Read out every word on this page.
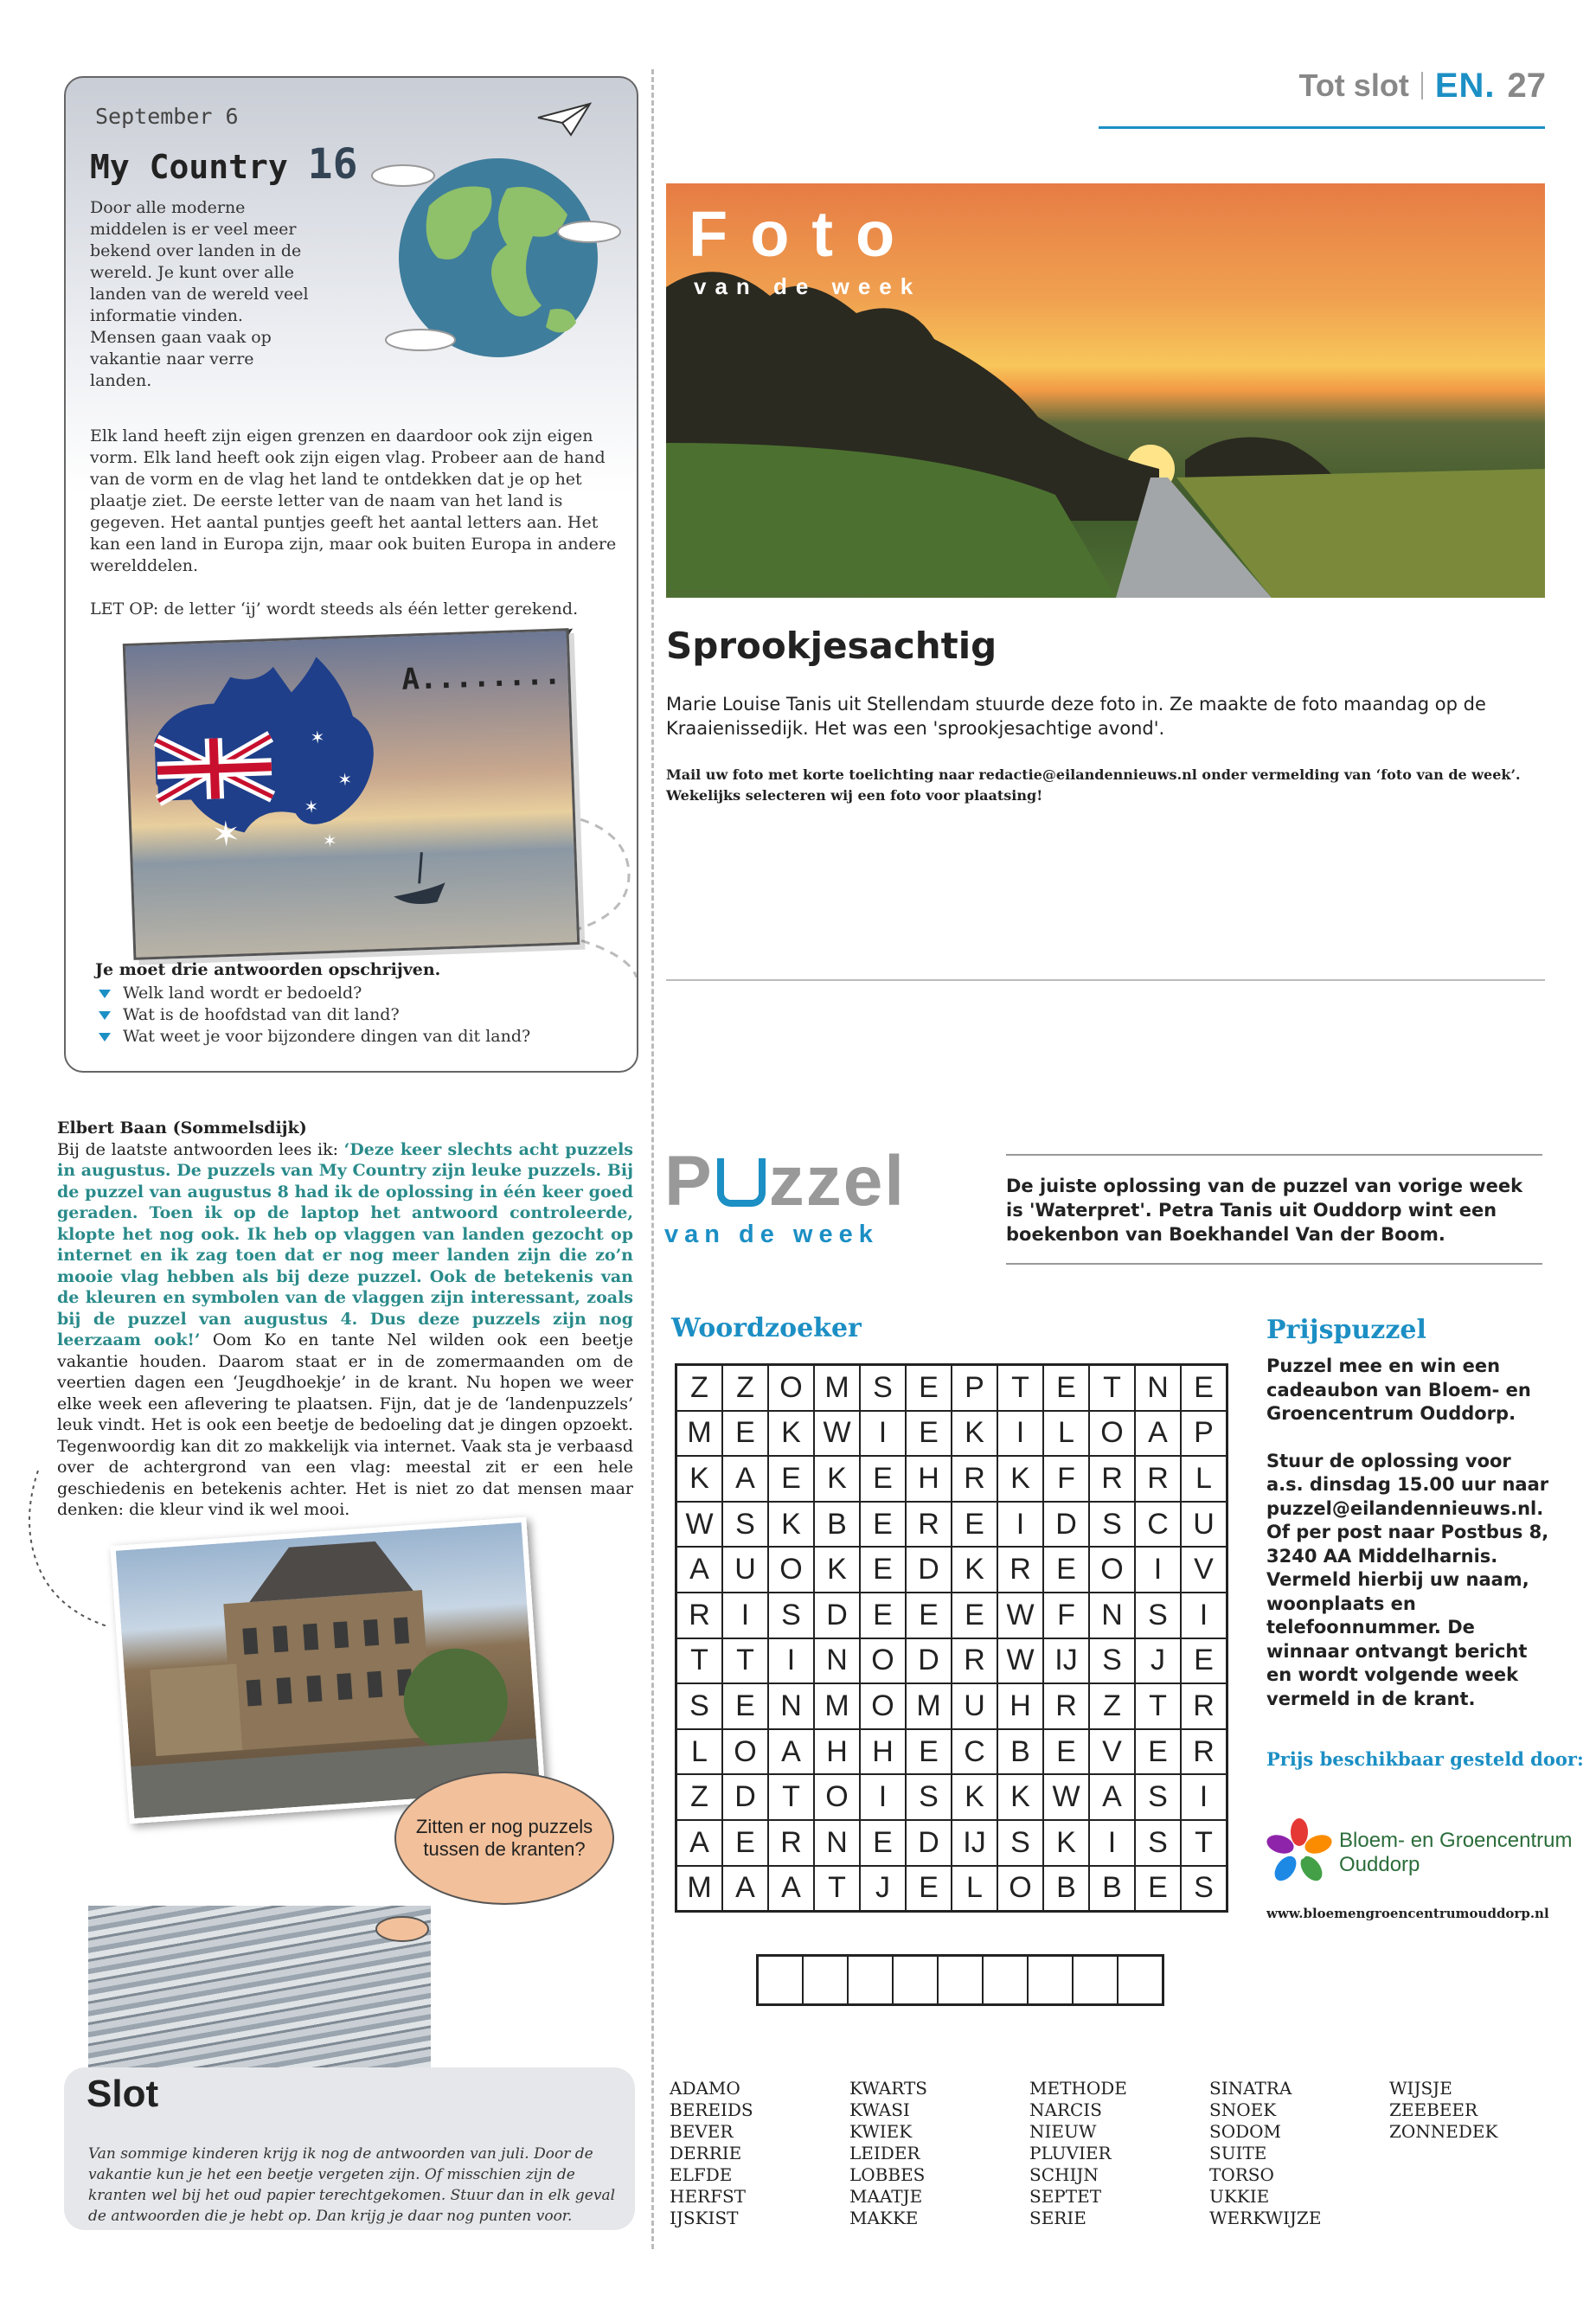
Tot slot EN. 27
September 6
My Country 16
Door alle moderne middelen is er veel meer bekend over landen in de wereld. Je kunt over alle landen van de wereld veel informatie vinden. Mensen gaan vaak op vakantie naar verre landen.

Elk land heeft zijn eigen grenzen en daardoor ook zijn eigen vorm. Elk land heeft ook zijn eigen vlag. Probeer aan de hand van de vorm en de vlag het land te ontdekken dat je op het plaatje ziet. De eerste letter van de naam van het land is gegeven. Het aantal puntjes geeft het aantal letters aan. Het kan een land in Europa zijn, maar ook buiten Europa in andere werelddelen.

LET OP: de letter ‘ij’ wordt steeds als één letter gerekend.

✶
✶
✶
✶
✶
A........
Je moet drie antwoorden opschrijven.
Welk land wordt er bedoeld?
Wat is de hoofdstad van dit land?
Wat weet je voor bijzondere dingen van dit land?
Elbert Baan (Sommelsdijk)
Bij de laatste antwoorden lees ik: ‘Deze keer slechts acht puzzels in augustus. De puzzels van My Country zijn leuke puzzels. Bij de puzzel van augustus 8 had ik de oplossing in één keer goed geraden. Toen ik op de laptop het antwoord controleerde, klopte het nog ook. Ik heb op vlaggen van landen gezocht op internet en ik zag toen dat er nog meer landen zijn die zo’n mooie vlag hebben als bij deze puzzel. Ook de betekenis van de kleuren en symbolen van de vlaggen zijn interessant, zoals bij de puzzel van augustus 4. Dus deze puzzels zijn nog leerzaam ook!’ Oom Ko en tante Nel wilden ook een beetje vakantie houden. Daarom staat er in de zomermaanden om de veertien dagen een ‘Jeugdhoekje’ in de krant. Nu hopen we weer elke week een aflevering te plaatsen. Fijn, dat je de ‘landenpuzzels’ leuk vindt. Het is ook een beetje de bedoeling dat je dingen opzoekt. Tegenwoordig kan dit zo makkelijk via internet. Vaak sta je verbaasd over de achtergrond van een vlag: meestal zit er een hele geschiedenis en betekenis achter. Het is niet zo dat mensen maar denken: die kleur vind ik wel mooi.
Zitten er nog puzzels tussen de kranten?
Slot
Van sommige kinderen krijg ik nog de antwoorden van juli. Door de vakantie kun je het een beetje vergeten zijn. Of misschien zijn de kranten wel bij het oud papier terechtgekomen. Stuur dan in elk geval de antwoorden die je hebt op. Dan krijg je daar nog punten voor.
Foto
van de week
Sprookjesachtig
Marie Louise Tanis uit Stellendam stuurde deze foto in. Ze maakte de foto maandag op de Kraaienissedijk. Het was een 'sprookjesachtige avond'.
Mail uw foto met korte toelichting naar redactie@eilandennieuws.nl onder vermelding van ‘foto van de week’. Wekelijks selecteren wij een foto voor plaatsing!
P zzel
van de week
De juiste oplossing van de puzzel van vorige week is 'Waterpret'. Petra Tanis uit Ouddorp wint een boekenbon van Boekhandel Van der Boom.
Woordzoeker
Z	Z	O	M	S	E	P	T	E	T	N	E
M	E	K	W	I	E	K	I	L	O	A	P
K	A	E	K	E	H	R	K	F	R	R	L
W	S	K	B	E	R	E	I	D	S	C	U
A	U	O	K	E	D	K	R	E	O	I	V
R	I	S	D	E	E	E	W	F	N	S	I
T	T	I	N	O	D	R	W	IJ	S	J	E
S	E	N	M	O	M	U	H	R	Z	T	R
L	O	A	H	H	E	C	B	E	V	E	R
Z	D	T	O	I	S	K	K	W	A	S	I
A	E	R	N	E	D	IJ	S	K	I	S	T
M	A	A	T	J	E	L	O	B	B	E	S

Prijspuzzel

Puzzel mee en win een cadeaubon van Bloem- en Groencentrum Ouddorp.

Stuur de oplossing voor a.s. dinsdag 15.00 uur naar puzzel@eilandennieuws.nl. Of per post naar Postbus 8, 3240 AA Middelharnis. Vermeld hierbij uw naam, woonplaats en telefoonnummer. De winnaar ontvangt bericht en wordt volgende week vermeld in de krant.

Prijs beschikbaar gesteld door:
Bloem- en Groencentrum
Ouddorp
www.bloemengroencentrumouddorp.nl
ADAMO
BEREIDS
BEVER
DERRIE
ELFDE
HERFST
IJSKIST
KWARTS
KWASI
KWIEK
LEIDER
LOBBES
MAATJE
MAKKE
METHODE
NARCIS
NIEUW
PLUVIER
SCHIJN
SEPTET
SERIE
SINATRA
SNOEK
SODOM
SUITE
TORSO
UKKIE
WERKWIJZE
WIJSJE
ZEEBEER
ZONNEDEK
